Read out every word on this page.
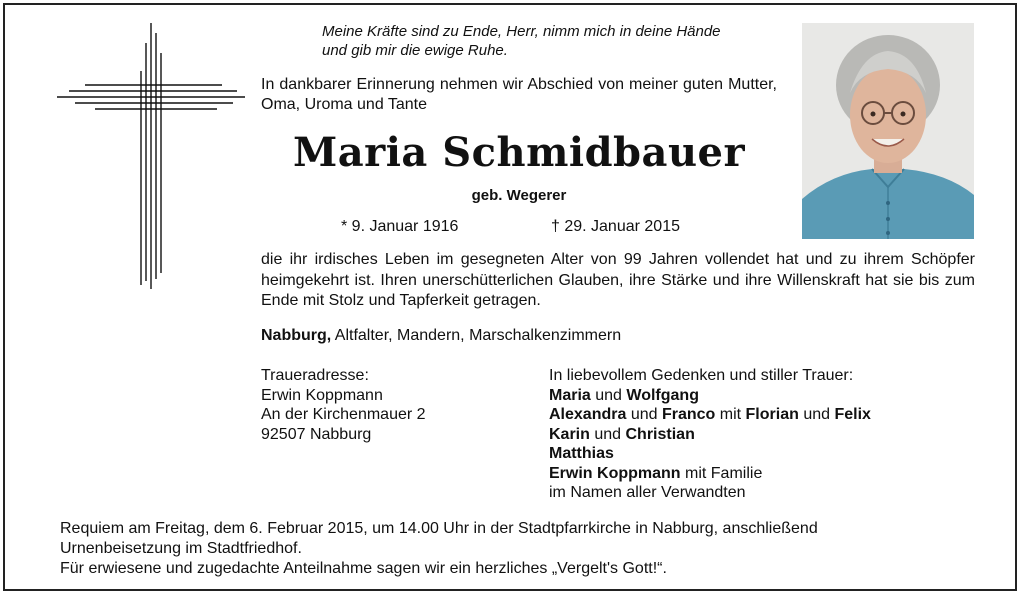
Meine Kräfte sind zu Ende, Herr, nimm mich in deine Hände
und gib mir die ewige Ruhe.
In dankbarer Erinnerung nehmen wir Abschied von meiner guten Mutter, Oma, Uroma und Tante
Maria Schmidbauer
geb. Wegerer
* 9. Januar 1916	† 29. Januar 2015
die ihr irdisches Leben im gesegneten Alter von 99 Jahren vollendet hat und zu ihrem Schöpfer heimgekehrt ist. Ihren unerschütterlichen Glauben, ihre Stärke und ihre Willenskraft hat sie bis zum Ende mit Stolz und Tapferkeit getragen.
Nabburg, Altfalter, Mandern, Marschalkenzimmern
Traueradresse:
Erwin Koppmann
An der Kirchenmauer 2
92507 Nabburg
In liebevollem Gedenken und stiller Trauer:
Maria und Wolfgang
Alexandra und Franco mit Florian und Felix
Karin und Christian
Matthias
Erwin Koppmann mit Familie
im Namen aller Verwandten
Requiem am Freitag, dem 6. Februar 2015, um 14.00 Uhr in der Stadtpfarrkirche in Nabburg, anschließend
Urnenbeisetzung im Stadtfriedhof.
Für erwiesene und zugedachte Anteilnahme sagen wir ein herzliches „Vergelt's Gott!“.
